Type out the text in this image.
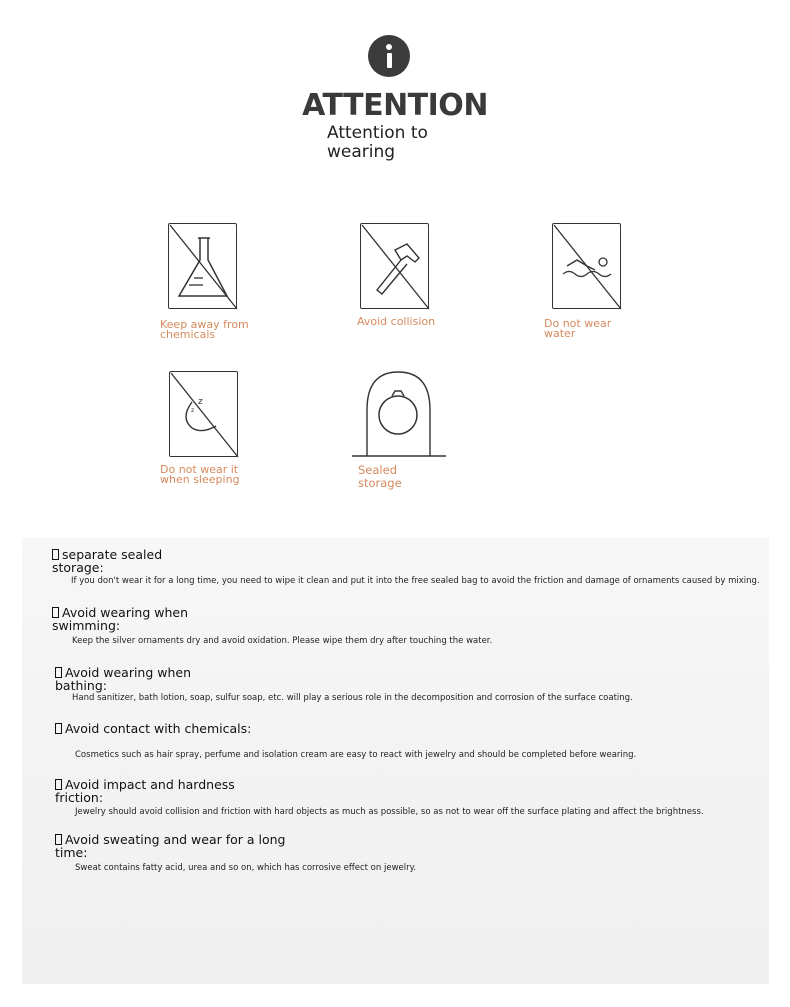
ATTENTION
Attention to wearing
Keep away from chemicals
Avoid collision	Do not wear water
z
z
Do not wear it when sleeping
Sealed storage
separate sealed
storage:
If you don't wear it for a long time, you need to wipe it clean and put it into the free sealed bag to avoid the friction and damage of ornaments caused by mixing.
Avoid wearing when
swimming:
Keep the silver ornaments dry and avoid oxidation. Please wipe them dry after touching the water.
Avoid wearing when
bathing:
Hand sanitizer, bath lotion, soap, sulfur soap, etc. will play a serious role in the decomposition and corrosion of the surface coating.
Avoid contact with chemicals:
Cosmetics such as hair spray, perfume and isolation cream are easy to react with jewelry and should be completed before wearing.
Avoid impact and hardness
friction:
Jewelry should avoid collision and friction with hard objects as much as possible, so as not to wear off the surface plating and affect the brightness.
Avoid sweating and wear for a long
time:
Sweat contains fatty acid, urea and so on, which has corrosive effect on jewelry.
